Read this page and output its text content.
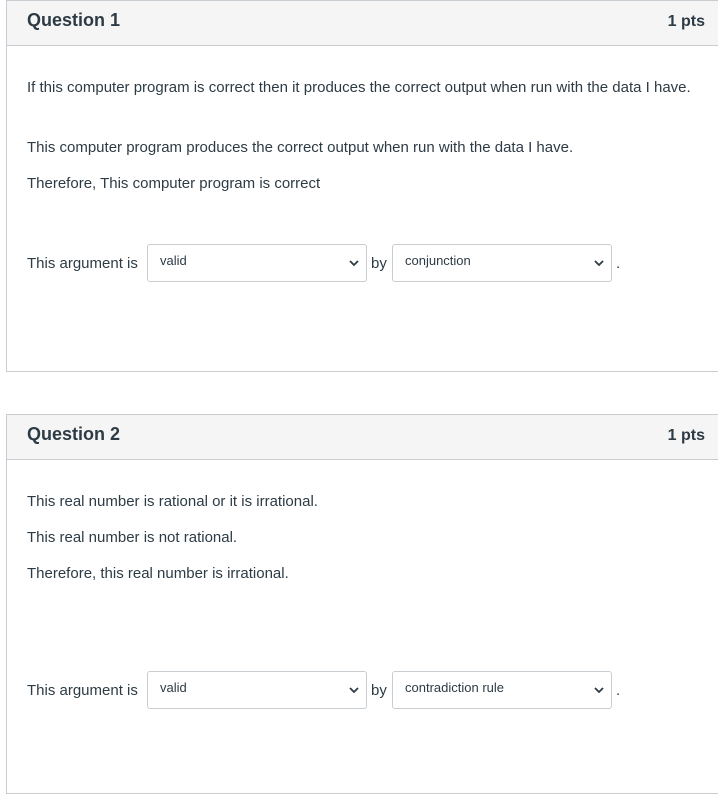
Question 1	1 pts
If this computer program is correct then it produces the correct output when run with the data I have.
This computer program produces the correct output when run with the data I have.
Therefore, This computer program is correct
This argument is valid	by conjunction	.
Question 2	1 pts
This real number is rational or it is irrational.
This real number is not rational.
Therefore, this real number is irrational.
This argument is valid	by contradiction rule	.
